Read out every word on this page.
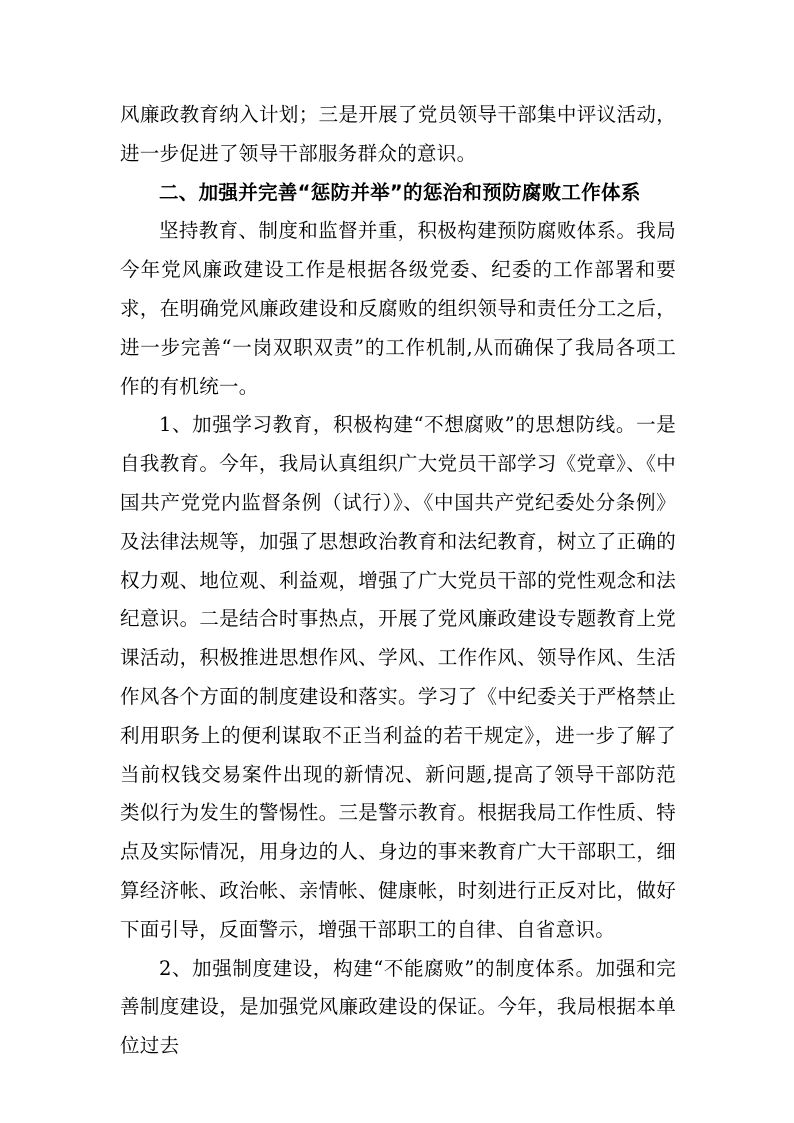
风廉政教育纳入计划；三是开展了党员领导干部集中评议活动，进一步促进了领导干部服务群众的意识。

二、加强并完善“惩防并举”的惩治和预防腐败工作体系

坚持教育、制度和监督并重，积极构建预防腐败体系。我局今年党风廉政建设工作是根据各级党委、纪委的工作部署和要求，在明确党风廉政建设和反腐败的组织领导和责任分工之后，进一步完善“一岗双职双责”的工作机制,从而确保了我局各项工作的有机统一。

1、加强学习教育，积极构建“不想腐败”的思想防线。一是自我教育。今年，我局认真组织广大党员干部学习《党章》、《中国共产党党内监督条例（试行）》、《中国共产党纪委处分条例》及法律法规等，加强了思想政治教育和法纪教育，树立了正确的权力观、地位观、利益观，增强了广大党员干部的党性观念和法纪意识。二是结合时事热点，开展了党风廉政建设专题教育上党课活动，积极推进思想作风、学风、工作作风、领导作风、生活作风各个方面的制度建设和落实。学习了《中纪委关于严格禁止利用职务上的便利谋取不正当利益的若干规定》，进一步了解了当前权钱交易案件出现的新情况、新问题,提高了领导干部防范类似行为发生的警惕性。三是警示教育。根据我局工作性质、特点及实际情况，用身边的人、身边的事来教育广大干部职工，细算经济帐、政治帐、亲情帐、健康帐，时刻进行正反对比，做好下面引导，反面警示，增强干部职工的自律、自省意识。

2、加强制度建设，构建“不能腐败”的制度体系。加强和完善制度建设，是加强党风廉政建设的保证。今年，我局根据本单位过去
